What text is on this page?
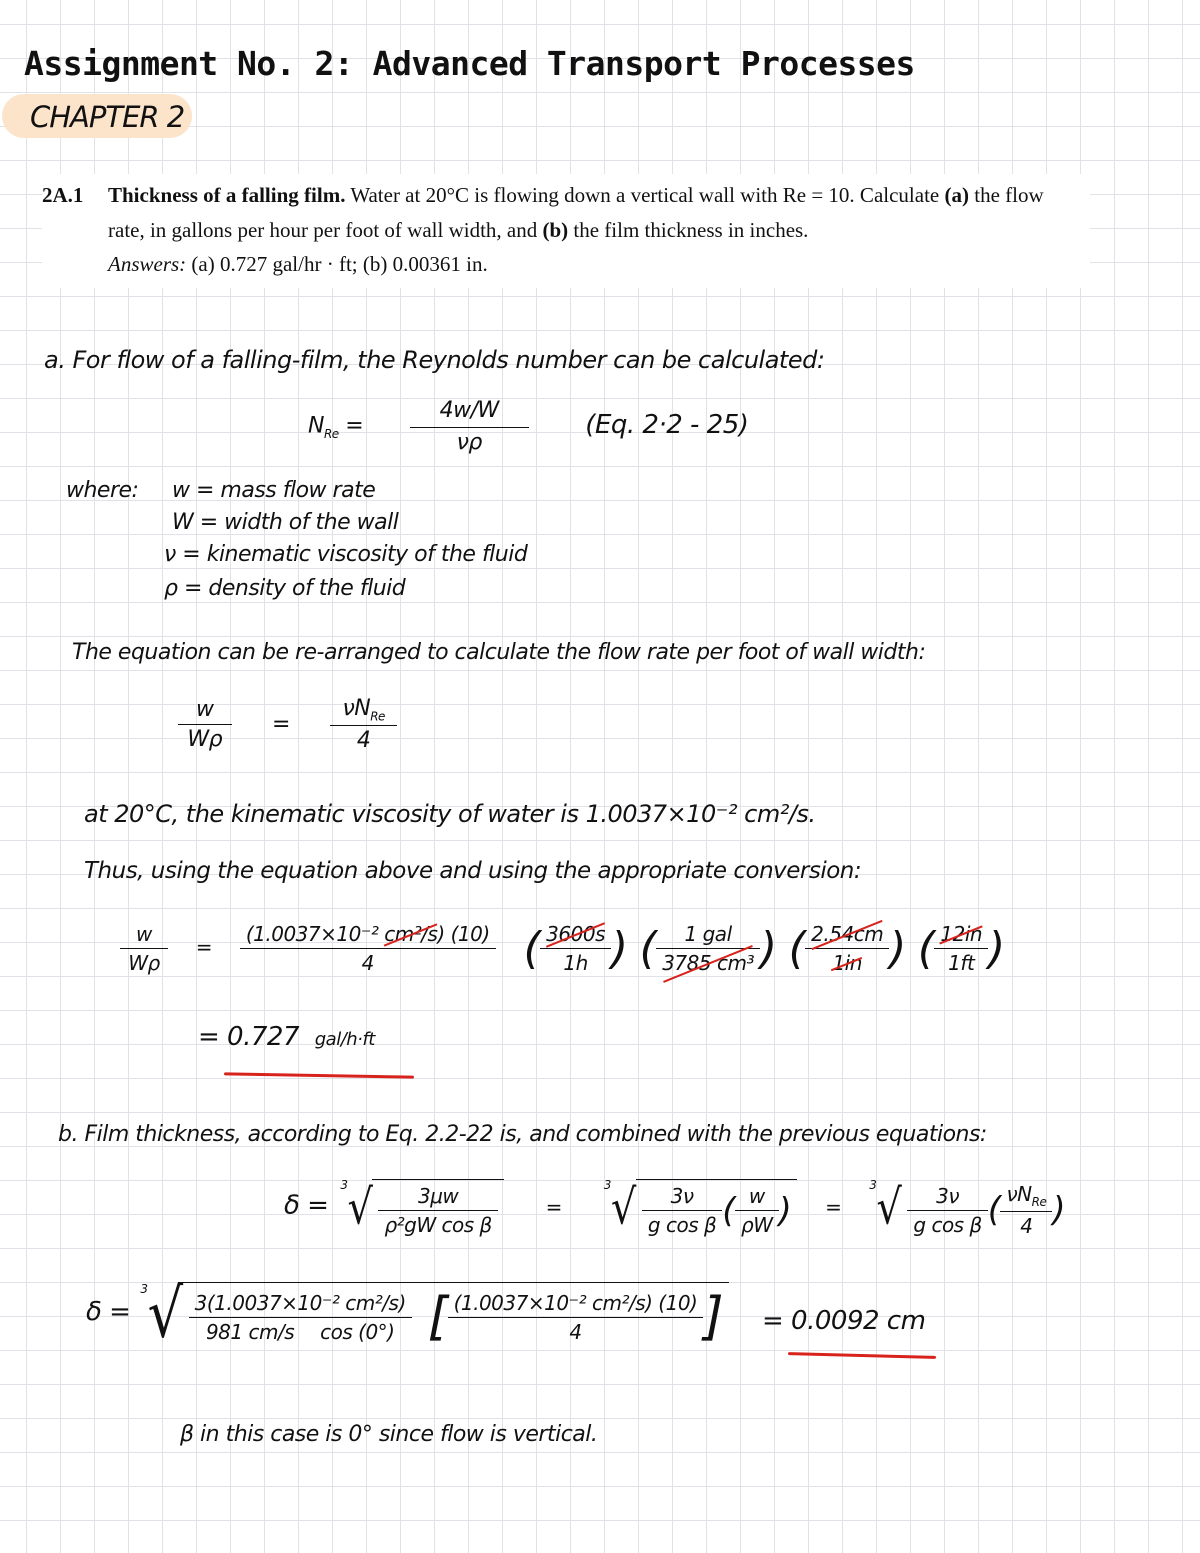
Assignment No. 2: Advanced Transport Processes
CHAPTER 2
2A.1 Thickness of a falling film. Water at 20°C is flowing down a vertical wall with Re = 10. Calculate (a) the flow rate, in gallons per hour per foot of wall width, and (b) the film thickness in inches.
Answers: (a) 0.727 gal/hr · ft; (b) 0.00361 in.
a. For flow of a falling-film, the Reynolds number can be calculated:
$N_{Re} = \frac{4w/W}{\nu\rho} (Eq$. 2·2 - 25)
where: w = mass flow rate
W = width of the wall
ν = kinematic viscosity of the fluid
ρ = density of the fluid
The equation can be re-arranged to calculate the flow rate per foot of wall width:
$\frac{w}{W\rho} = \frac{\nu N_{Re}}{4}$
at 20°C, the kinematic viscosity of water is 1.0037×10⁻² cm²/s.
Thus, using the equation above and using the appropriate conversion:
$\frac{w}{W\rho} = \frac{\text{(1.0037×10⁻² cm²/s) (10)}}{4}$ ( $\frac{3600s}{1h}$ ) ( $\frac{\text{1 gal}}{\text{3785 cm³}}$ ) ( $\frac{2.54cm}{1in}$ ) ( $\frac{12in}{1ft}$ )
= 0.727 gal/h·ft
b. Film thickness, according to Eq. 2.2-22 is, and combined with the previous equations:
$\delta = ^3√ \frac{3\mu w}{\text{ρ²gW cos β}} = ^3√ \frac{3\nu}{\text{g cos β}}$ ( $\frac{w}{\rho W}$ ) = $^3√ \frac{3\nu}{\text{g cos β}}$ ( $\frac{\nu N_{Re}}{4}$ )
$\delta = ^3√ \frac{\text{3(1.0037×10⁻² cm²/s)}}{\text{981 cm/s cos (0°)}}$ [ $\frac{\text{(1.0037×10⁻² cm²/s) (10)}}{4}$ ] = 0.0092 cm
β in this case is 0° since flow is vertical.
